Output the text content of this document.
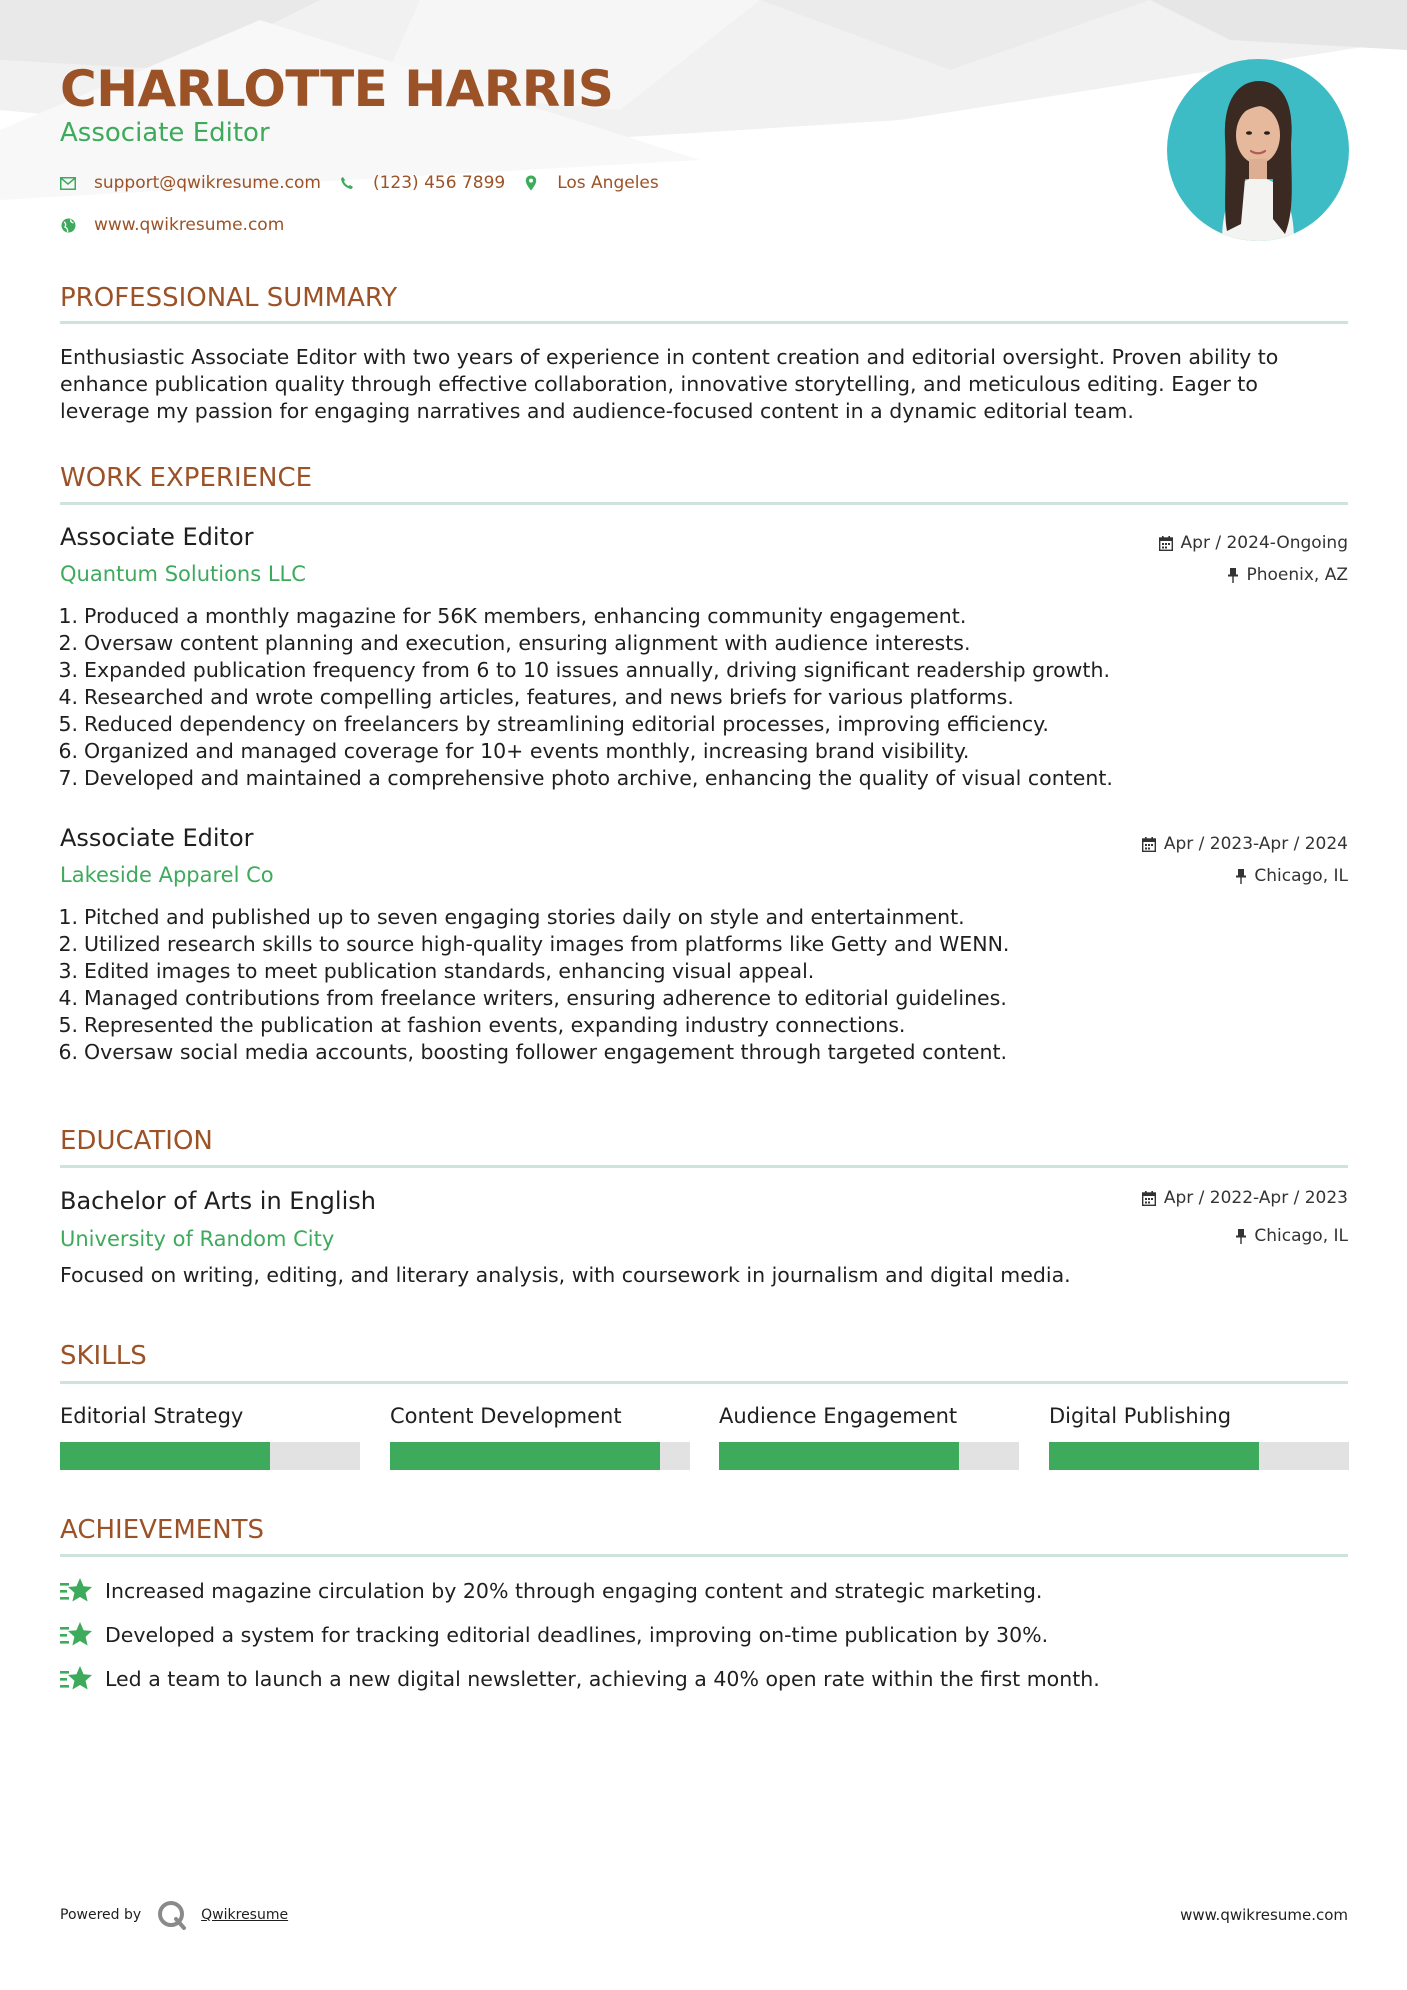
CHARLOTTE HARRIS
Associate Editor
support@qwikresume.com	(123) 456 7899	Los Angeles
www.qwikresume.com
PROFESSIONAL SUMMARY
Enthusiastic Associate Editor with two years of experience in content creation and editorial oversight. Proven ability to enhance publication quality through effective collaboration, innovative storytelling, and meticulous editing. Eager to leverage my passion for engaging narratives and audience-focused content in a dynamic editorial team.
WORK EXPERIENCE
Associate Editor
Quantum Solutions LLC
Apr / 2024-Ongoing
Phoenix, AZ
1. Produced a monthly magazine for 56K members, enhancing community engagement.
2. Oversaw content planning and execution, ensuring alignment with audience interests.
3. Expanded publication frequency from 6 to 10 issues annually, driving significant readership growth.
4. Researched and wrote compelling articles, features, and news briefs for various platforms.
5. Reduced dependency on freelancers by streamlining editorial processes, improving efficiency.
6. Organized and managed coverage for 10+ events monthly, increasing brand visibility.
7. Developed and maintained a comprehensive photo archive, enhancing the quality of visual content.
Associate Editor
Lakeside Apparel Co
Apr / 2023-Apr / 2024
Chicago, IL
1. Pitched and published up to seven engaging stories daily on style and entertainment.
2. Utilized research skills to source high-quality images from platforms like Getty and WENN.
3. Edited images to meet publication standards, enhancing visual appeal.
4. Managed contributions from freelance writers, ensuring adherence to editorial guidelines.
5. Represented the publication at fashion events, expanding industry connections.
6. Oversaw social media accounts, boosting follower engagement through targeted content.
EDUCATION
Bachelor of Arts in English
University of Random City
Apr / 2022-Apr / 2023
Chicago, IL
Focused on writing, editing, and literary analysis, with coursework in journalism and digital media.
SKILLS
Editorial Strategy	Content Development	Audience Engagement	Digital Publishing
ACHIEVEMENTS
Increased magazine circulation by 20% through engaging content and strategic marketing.
Developed a system for tracking editorial deadlines, improving on-time publication by 30%.
Led a team to launch a new digital newsletter, achieving a 40% open rate within the first month.
Powered by	Qwikresume	www.qwikresume.com
